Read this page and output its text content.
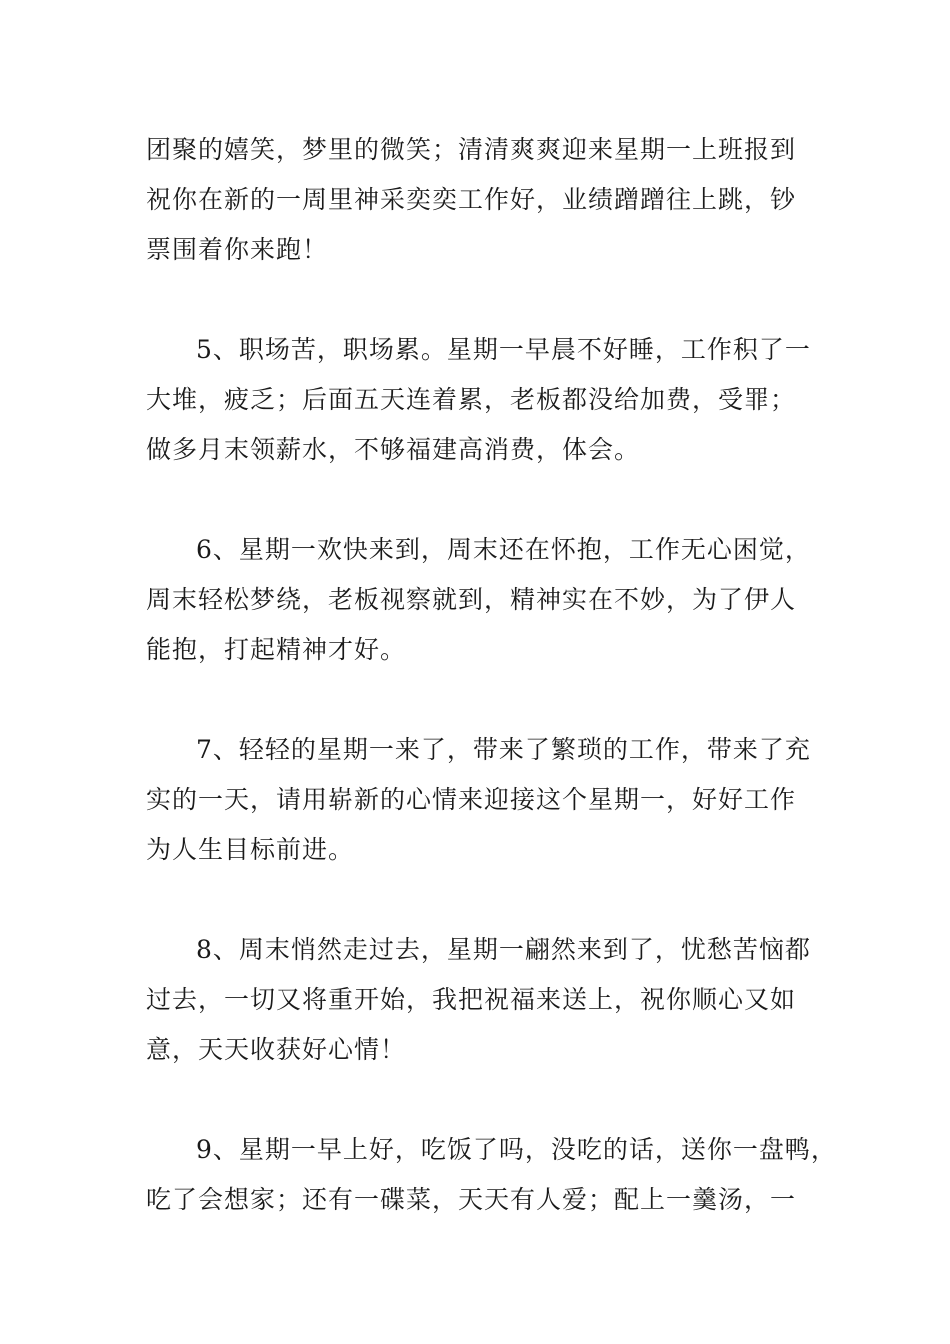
团聚的嬉笑，梦里的微笑；清清爽爽迎来星期一上班报到
祝你在新的一周里神采奕奕工作好，业绩蹭蹭往上跳，钞
票围着你来跑！
5、职场苦，职场累。星期一早晨不好睡，工作积了一
大堆，疲乏；后面五天连着累，老板都没给加费，受罪；
做多月末领薪水，不够福建高消费，体会。
6、星期一欢快来到，周末还在怀抱，工作无心困觉，
周末轻松梦绕，老板视察就到，精神实在不妙，为了伊人
能抱，打起精神才好。
7、轻轻的星期一来了，带来了繁琐的工作，带来了充
实的一天，请用崭新的心情来迎接这个星期一，好好工作
为人生目标前进。
8、周末悄然走过去，星期一翩然来到了，忧愁苦恼都
过去，一切又将重开始，我把祝福来送上，祝你顺心又如
意，天天收获好心情！
9、星期一早上好，吃饭了吗，没吃的话，送你一盘鸭，
吃了会想家；还有一碟菜，天天有人爱；配上一羹汤，一
